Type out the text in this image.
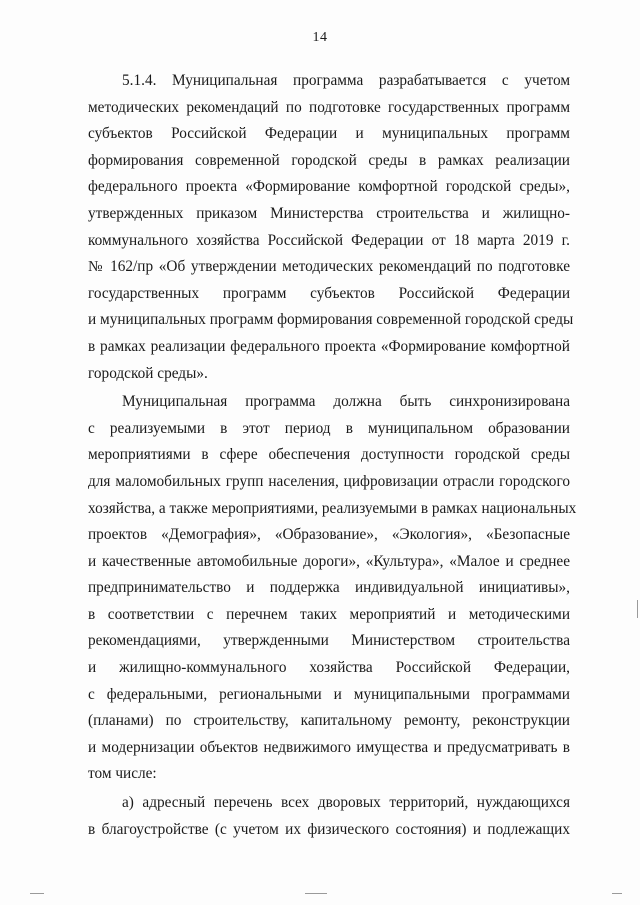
14
5.1.4. Муниципальная программа разрабатывается с учетом
методических рекомендаций по подготовке государственных программ
субъектов Российской Федерации и муниципальных программ
формирования современной городской среды в рамках реализации
федерального проекта «Формирование комфортной городской среды»,
утвержденных приказом Министерства строительства и жилищно-
коммунального хозяйства Российской Федерации от 18 марта 2019 г.
№ 162/пр «Об утверждении методических рекомендаций по подготовке
государственных программ субъектов Российской Федерации
и муниципальных программ формирования современной городской среды
в рамках реализации федерального проекта «Формирование комфортной
городской среды».
Муниципальная программа должна быть синхронизирована
с реализуемыми в этот период в муниципальном образовании
мероприятиями в сфере обеспечения доступности городской среды
для маломобильных групп населения, цифровизации отрасли городского
хозяйства, а также мероприятиями, реализуемыми в рамках национальных
проектов «Демография», «Образование», «Экология», «Безопасные
и качественные автомобильные дороги», «Культура», «Малое и среднее
предпринимательство и поддержка индивидуальной инициативы»,
в соответствии с перечнем таких мероприятий и методическими
рекомендациями, утвержденными Министерством строительства
и жилищно-коммунального хозяйства Российской Федерации,
с федеральными, региональными и муниципальными программами
(планами) по строительству, капитальному ремонту, реконструкции
и модернизации объектов недвижимого имущества и предусматривать в
том числе:
а) адресный перечень всех дворовых территорий, нуждающихся
в благоустройстве (с учетом их физического состояния) и подлежащих
